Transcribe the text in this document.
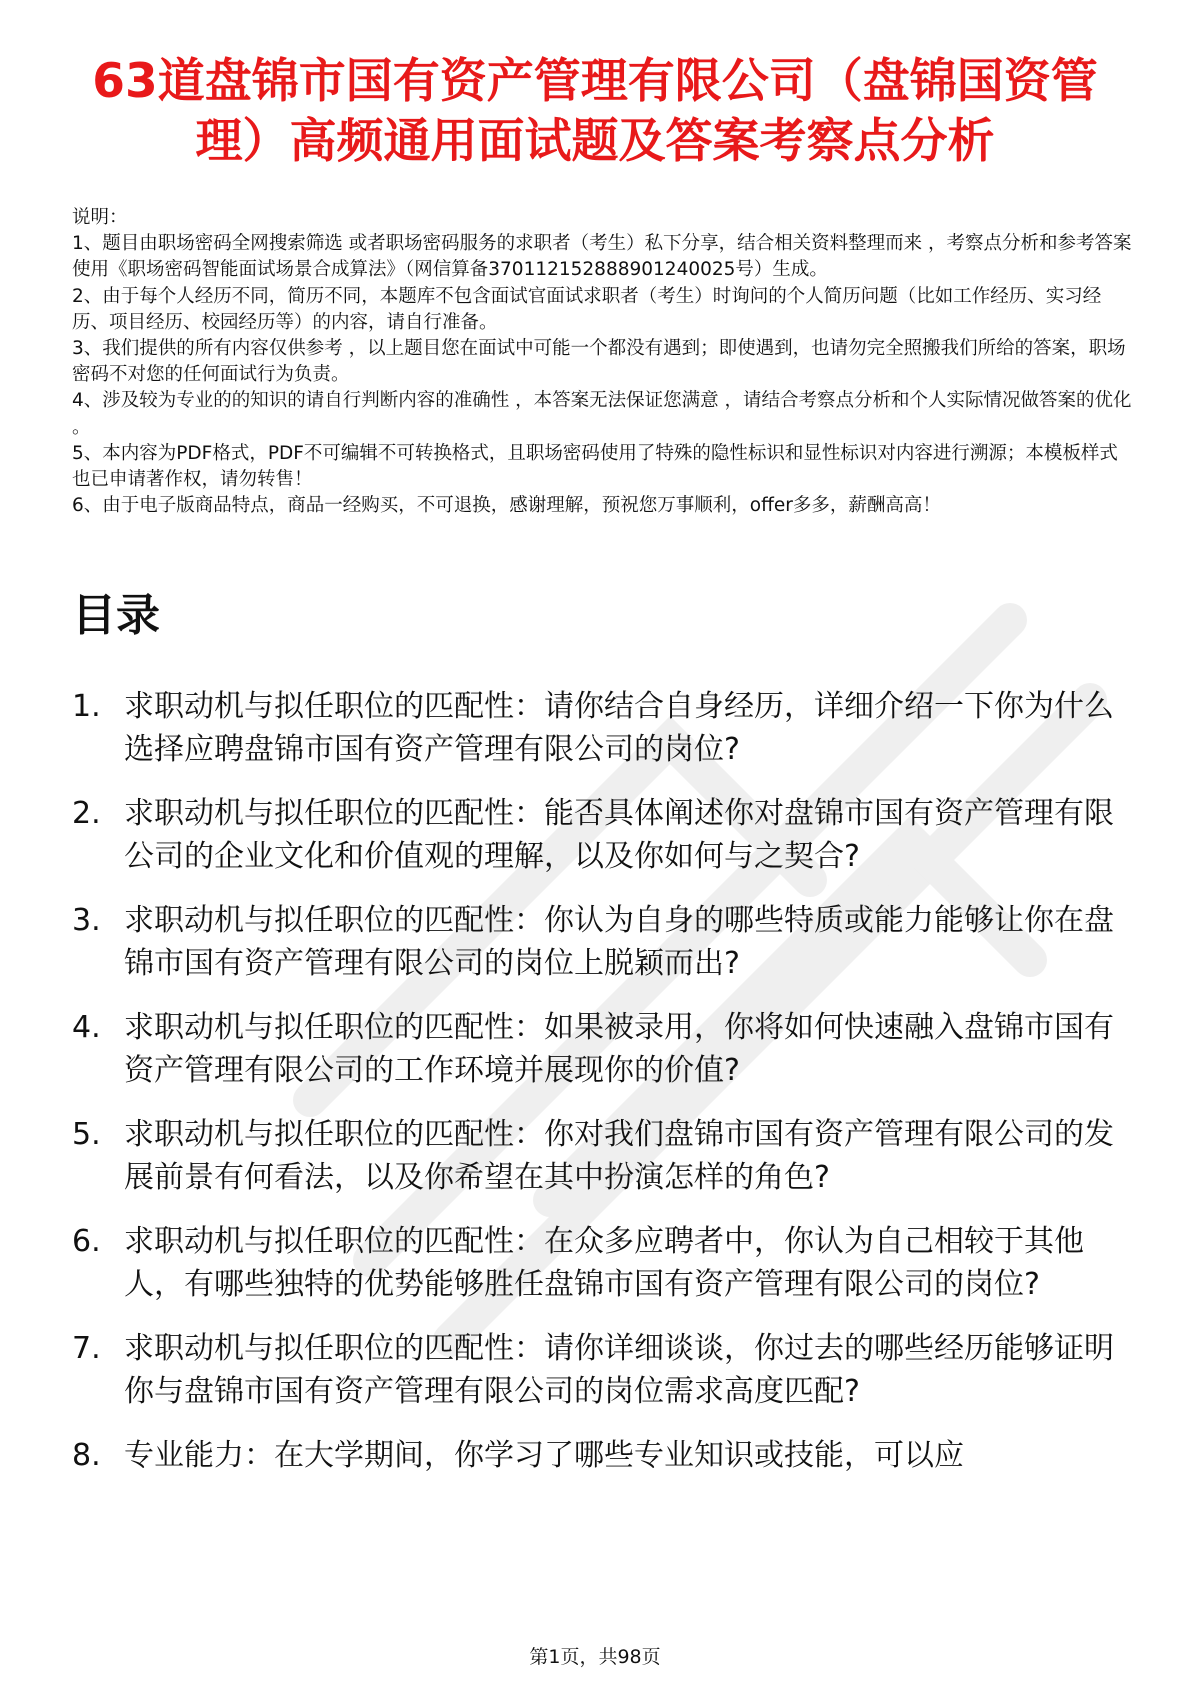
63道盘锦市国有资产管理有限公司（盘锦国资管理）高频通用面试题及答案考察点分析

说明：

1、题目由职场密码全网搜索筛选 或者职场密码服务的求职者（考生）私下分享，结合相关资料整理而来 ，考察点分析和参考答案使用《职场密码智能面试场景合成算法》（网信算备370112152888901240025号）生成。

2、由于每个人经历不同，简历不同，本题库不包含面试官面试求职者（考生）时询问的个人简历问题（比如工作经历、实习经历、项目经历、校园经历等）的内容，请自行准备。

3、我们提供的所有内容仅供参考 ，以上题目您在面试中可能一个都没有遇到；即使遇到，也请勿完全照搬我们所给的答案，职场密码不对您的任何面试行为负责。

4、涉及较为专业的的知识的请自行判断内容的准确性 ，本答案无法保证您满意 ，请结合考察点分析和个人实际情况做答案的优化 。

5、本内容为PDF格式，PDF不可编辑不可转换格式，且职场密码使用了特殊的隐性标识和显性标识对内容进行溯源；本模板样式也已申请著作权，请勿转售！

6、由于电子版商品特点，商品一经购买，不可退换，感谢理解，预祝您万事顺利，offer多多，薪酬高高！

目录
1. 求职动机与拟任职位的匹配性：请你结合自身经历，详细介绍一下你为什么选择应聘盘锦市国有资产管理有限公司的岗位?
2. 求职动机与拟任职位的匹配性：能否具体阐述你对盘锦市国有资产管理有限公司的企业文化和价值观的理解，以及你如何与之契合?
3. 求职动机与拟任职位的匹配性：你认为自身的哪些特质或能力能够让你在盘锦市国有资产管理有限公司的岗位上脱颖而出?
4. 求职动机与拟任职位的匹配性：如果被录用，你将如何快速融入盘锦市国有资产管理有限公司的工作环境并展现你的价值?
5. 求职动机与拟任职位的匹配性：你对我们盘锦市国有资产管理有限公司的发展前景有何看法，以及你希望在其中扮演怎样的角色?
6. 求职动机与拟任职位的匹配性：在众多应聘者中，你认为自己相较于其他人，有哪些独特的优势能够胜任盘锦市国有资产管理有限公司的岗位?
7. 求职动机与拟任职位的匹配性：请你详细谈谈，你过去的哪些经历能够证明你与盘锦市国有资产管理有限公司的岗位需求高度匹配?
8. 专业能力：在大学期间，你学习了哪些专业知识或技能，可以应
第1页，共98页
